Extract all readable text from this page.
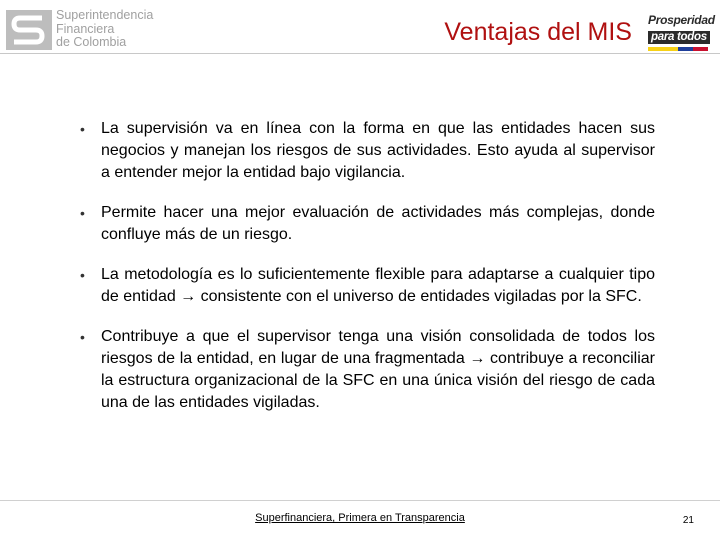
Superintendencia
Financiera
de Colombia	Ventajas del MIS Prosperidad
para todos
• La supervisión va en línea con la forma en que las entidades hacen sus negocios y manejan los riesgos de sus actividades. Esto ayuda al supervisor a entender mejor la entidad bajo vigilancia.
• Permite hacer una mejor evaluación de actividades más complejas, donde confluye más de un riesgo.
• La metodología es lo suficientemente flexible para adaptarse a cualquier tipo de entidad → consistente con el universo de entidades vigiladas por la SFC.
• Contribuye a que el supervisor tenga una visión consolidada de todos los riesgos de la entidad, en lugar de una fragmentada → contribuye a reconciliar la estructura organizacional de la SFC en una única visión del riesgo de cada una de las entidades vigiladas.
Superfinanciera, Primera en Transparencia	21
